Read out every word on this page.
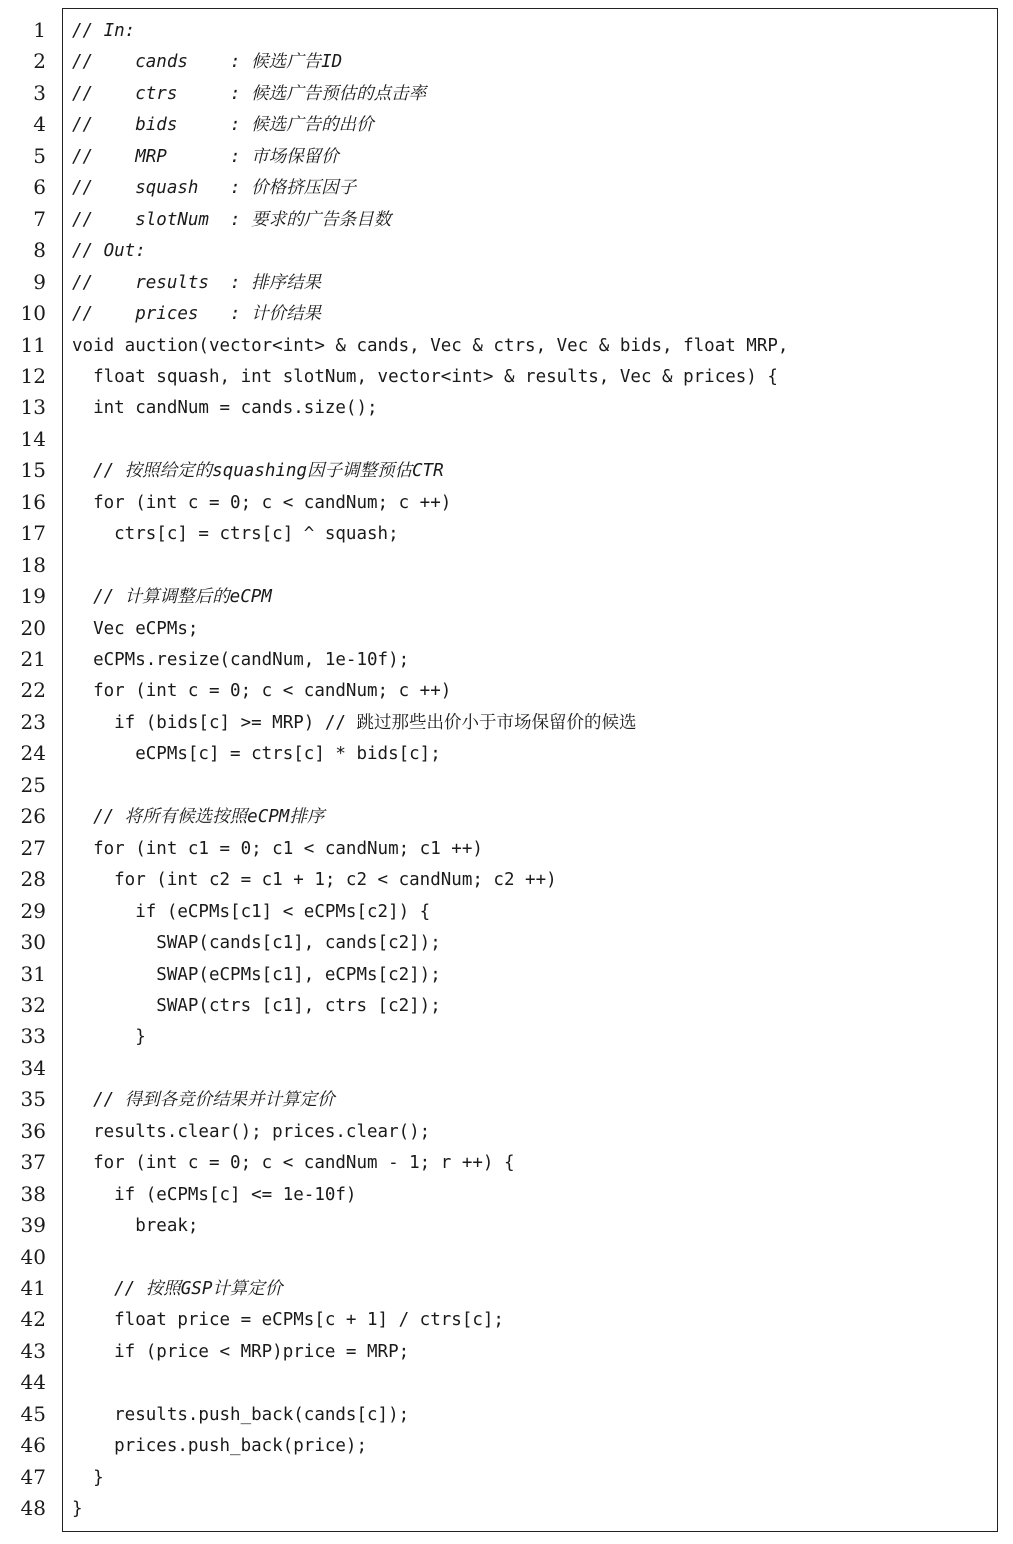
1 // In:
2 //    cands    : 候选广告ID
3 //    ctrs     : 候选广告预估的点击率
4 //    bids     : 候选广告的出价
5 //    MRP      : 市场保留价
6 //    squash   : 价格挤压因子
7 //    slotNum  : 要求的广告条目数
8 // Out:
9 //    results  : 排序结果
10 //    prices   : 计价结果
11 void auction(vector<int> & cands, Vec & ctrs, Vec & bids, float MRP,
12 float squash, int slotNum, vector<int> & results, Vec & prices) {
13 int candNum = cands.size();
14
15 // 按照给定的squashing因子调整预估CTR
16 for (int c = 0; c < candNum; c ++)
17 ctrs[c] = ctrs[c] ^ squash;
18
19 // 计算调整后的eCPM
20 Vec eCPMs;
21 eCPMs.resize(candNum, 1e-10f);
22 for (int c = 0; c < candNum; c ++)
23 if (bids[c] >= MRP) // 跳过那些出价小于市场保留价的候选
24 eCPMs[c] = ctrs[c] * bids[c];
25
26 // 将所有候选按照eCPM排序
27 for (int c1 = 0; c1 < candNum; c1 ++)
28 for (int c2 = c1 + 1; c2 < candNum; c2 ++)
29 if (eCPMs[c1] < eCPMs[c2]) {
30 SWAP(cands[c1], cands[c2]);
31 SWAP(eCPMs[c1], eCPMs[c2]);
32 SWAP(ctrs [c1], ctrs [c2]);
33 }
34
35 // 得到各竞价结果并计算定价
36 results.clear(); prices.clear();
37 for (int c = 0; c < candNum - 1; r ++) {
38 if (eCPMs[c] <= 1e-10f)
39 break;
40
41 // 按照GSP计算定价
42 float price = eCPMs[c + 1] / ctrs[c];
43 if (price < MRP)price = MRP;
44
45 results.push_back(cands[c]);
46 prices.push_back(price);
47 }
48 }
